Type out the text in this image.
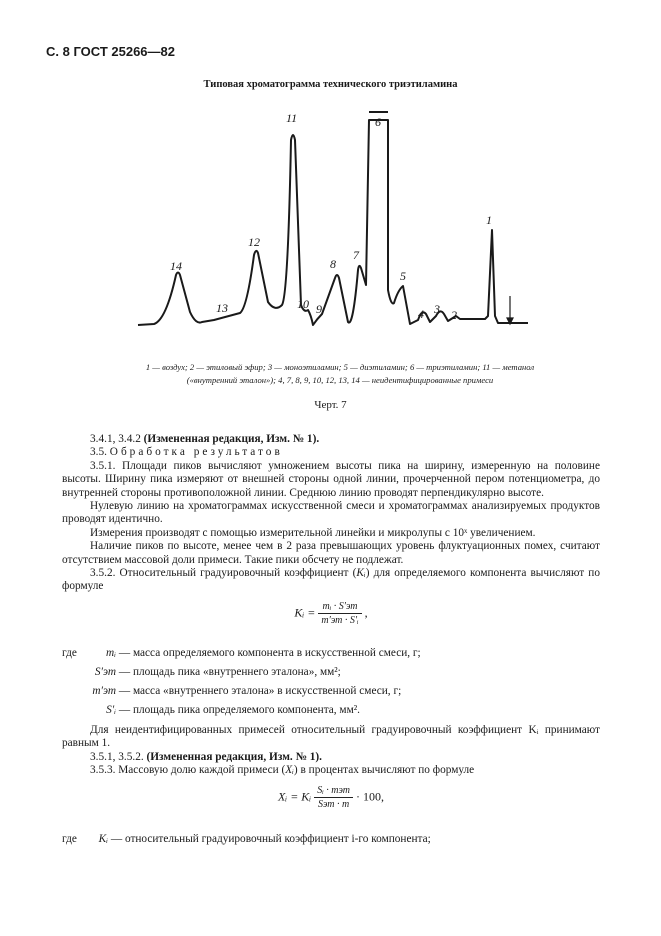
С. 8 ГОСТ 25266—82
Типовая хроматограмма технического триэтиламина
14
13
12
11
10 9
8
7
6
5
4 3 2
1
1 — воздух; 2 — этиловый эфир; 3 — моноэтиламин; 5 — диэтиламин; 6 — триэтиламин; 11 — метанол
(«внутренний эталон»); 4, 7, 8, 9, 10, 12, 13, 14 — неидентифицированные примеси
Черт. 7

3.4.1, 3.4.2 (Измененная редакция, Изм. № 1).

3.5. Обработка результатов

3.5.1. Площади пиков вычисляют умножением высоты пика на ширину, измеренную на половине высоты. Ширину пика измеряют от внешней стороны одной линии, прочерченной пером потенциометра, до внутренней стороны противоположной линии. Среднюю линию проводят перпендикулярно высоте.

Нулевую линию на хроматограммах искусственной смеси и хроматограммах анализируемых продуктов проводят идентично.

Измерения производят с помощью измерительной линейки и микролупы с 10ˣ увеличением.

Наличие пиков по высоте, менее чем в 2 раза превышающих уровень флуктуационных помех, считают отсутствием массовой доли примеси. Такие пики обсчету не подлежат.

3.5.2. Относительный градуировочный коэффициент (Kᵢ) для определяемого компонента вычисляют по формуле

Kᵢ = $\frac{\text{mᵢ · S′эт}}{\text{m′эт · S′ᵢ}}$ ,
где	mᵢ — масса определяемого компонента в искусственной смеси, г;
S′эт — площадь пика «внутреннего эталона», мм²;
m′эт — масса «внутреннего эталона» в искусственной смеси, г;
S′ᵢ — площадь пика определяемого компонента, мм².

Для неидентифицированных примесей относительный градуировочный коэффициент Kᵢ принимают равным 1.

3.5.1, 3.5.2. (Измененная редакция, Изм. № 1).

3.5.3. Массовую долю каждой примеси (Xᵢ) в процентах вычисляют по формуле

Xᵢ = Kᵢ $\frac{\text{Sᵢ · mэт}}{\text{Sэт · m}} \cdot 100$,
где Kᵢ — относительный градуировочный коэффициент i-го компонента;
